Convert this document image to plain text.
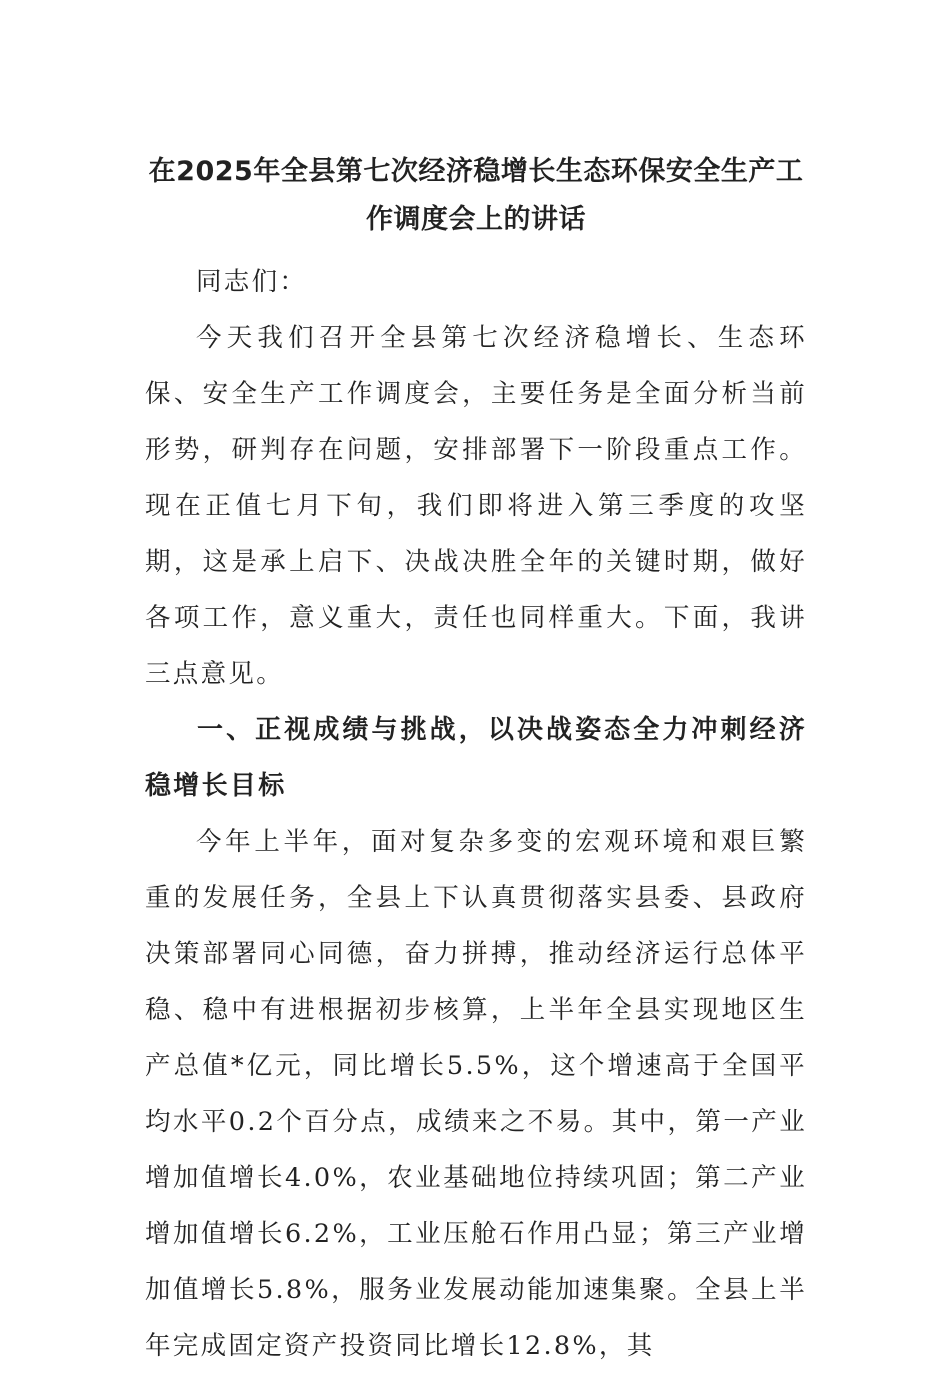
在2025年全县第七次经济稳增长生态环保安全生产工作调度会上的讲话

同志们：

今天我们召开全县第七次经济稳增长、生态环保、安全生产工作调度会，主要任务是全面分析当前形势，研判存在问题，安排部署下一阶段重点工作。现在正值七月下旬，我们即将进入第三季度的攻坚期，这是承上启下、决战决胜全年的关键时期，做好各项工作，意义重大，责任也同样重大。下面，我讲三点意见。

一、正视成绩与挑战，以决战姿态全力冲刺经济稳增长目标

今年上半年，面对复杂多变的宏观环境和艰巨繁重的发展任务，全县上下认真贯彻落实县委、县政府决策部署同心同德，奋力拼搏，推动经济运行总体平稳、稳中有进根据初步核算，上半年全县实现地区生产总值*亿元，同比增长5.5%，这个增速高于全国平均水平0.2个百分点，成绩来之不易。其中，第一产业增加值增长4.0%，农业基础地位持续巩固；第二产业增加值增长6.2%，工业压舱石作用凸显；第三产业增加值增长5.8%，服务业发展动能加速集聚。全县上半年完成固定资产投资同比增长12.8%，其
